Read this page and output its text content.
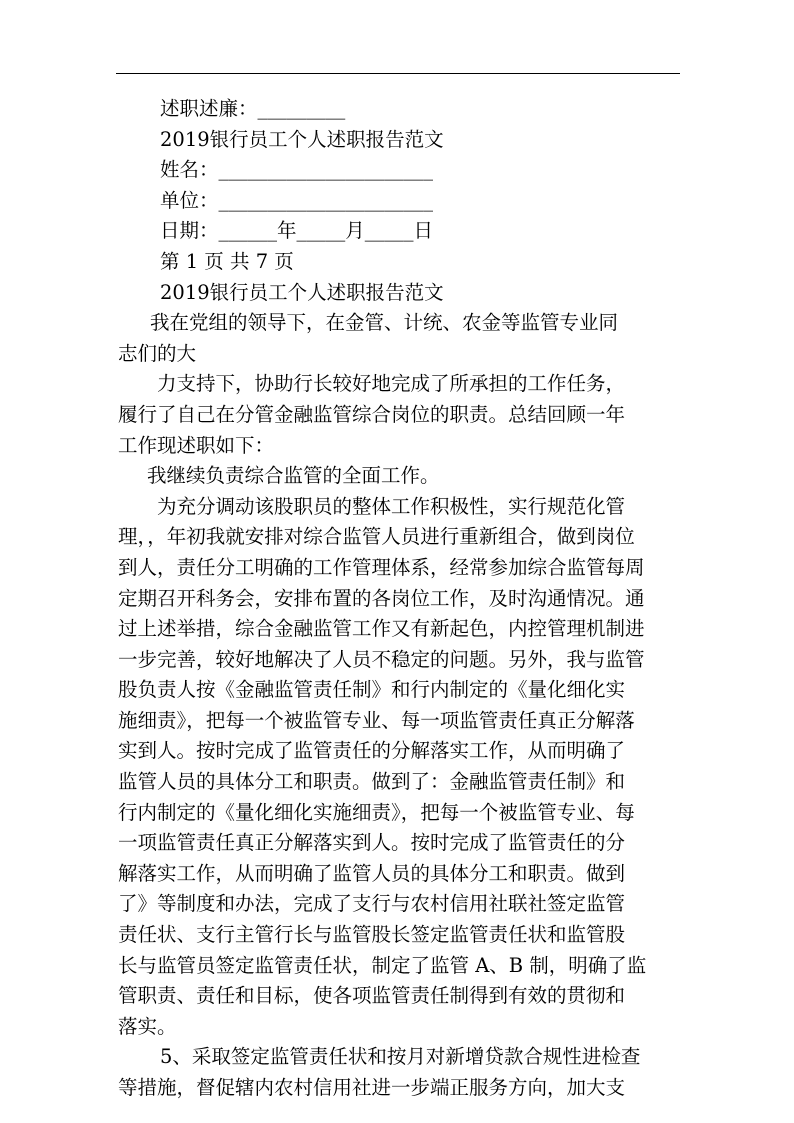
述职述廉：_________
2019银行员工个人述职报告范文
姓名：______________________
单位：______________________
日期：______年_____月_____日
第 1 页 共 7 页
2019银行员工个人述职报告范文
我在党组的领导下，在金管、计统、农金等监管专业同
志们的大
力支持下，协助行长较好地完成了所承担的工作任务，
履行了自己在分管金融监管综合岗位的职责。总结回顾一年
工作现述职如下：
我继续负责综合监管的全面工作。
为充分调动该股职员的整体工作积极性，实行规范化管
理，，年初我就安排对综合监管人员进行重新组合，做到岗位
到人，责任分工明确的工作管理体系，经常参加综合监管每周
定期召开科务会，安排布置的各岗位工作，及时沟通情况。通
过上述举措，综合金融监管工作又有新起色，内控管理机制进
一步完善，较好地解决了人员不稳定的问题。另外，我与监管
股负责人按《金融监管责任制》和行内制定的《量化细化实
施细责》，把每一个被监管专业、每一项监管责任真正分解落
实到人。按时完成了监管责任的分解落实工作，从而明确了
监管人员的具体分工和职责。做到了：金融监管责任制》和
行内制定的《量化细化实施细责》，把每一个被监管专业、每
一项监管责任真正分解落实到人。按时完成了监管责任的分
解落实工作，从而明确了监管人员的具体分工和职责。做到
了》等制度和办法，完成了支行与农村信用社联社签定监管
责任状、支行主管行长与监管股长签定监管责任状和监管股
长与监管员签定监管责任状，制定了监管 A、B 制，明确了监
管职责、责任和目标，使各项监管责任制得到有效的贯彻和
落实。
5、采取签定监管责任状和按月对新增贷款合规性进检查
等措施，督促辖内农村信用社进一步端正服务方向，加大支
